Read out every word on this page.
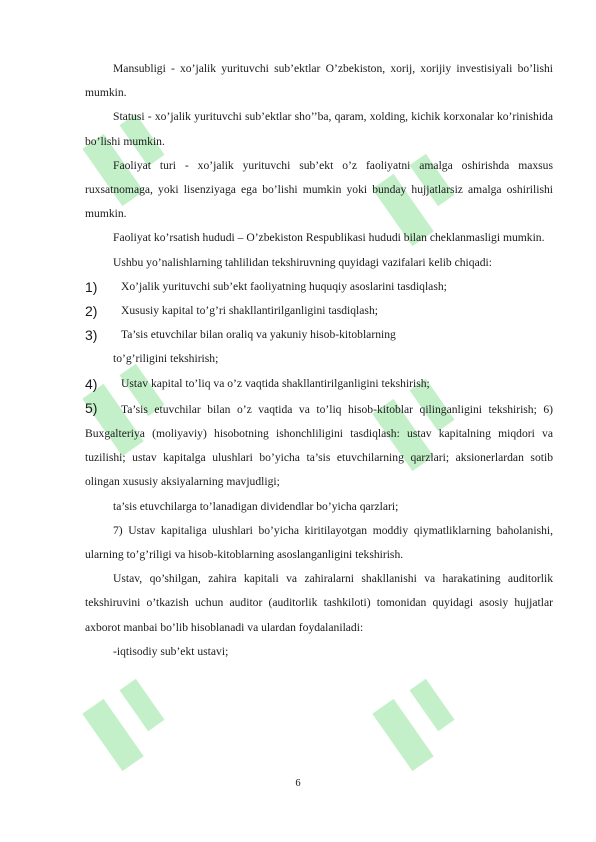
Mansubligi - xo’jalik yurituvchi sub’ektlar O’zbekiston, xorij, xorijiy investisiyali bo’lishi mumkin.

Statusi - xo’jalik yurituvchi sub’ektlar sho’’ba, qaram, xolding, kichik korxonalar ko’rinishida bo’lishi mumkin.

Faoliyat turi - xo’jalik yurituvchi sub’ekt o’z faoliyatni amalga oshirishda maxsus ruxsatnomaga, yoki lisenziyaga ega bo’lishi mumkin yoki bunday hujjatlarsiz amalga oshirilishi mumkin.

Faoliyat ko’rsatish hududi – O’zbekiston Respublikasi hududi bilan cheklanmasligi mumkin.

Ushbu yo’nalishlarning tahlilidan tekshiruvning quyidagi vazifalari kelib chiqadi:

1)	Xo’jalik yurituvchi sub’ekt faoliyatning huquqiy asoslarini tasdiqlash;
2)	Xususiy kapital to’g’ri shakllantirilganligini tasdiqlash;
3)	Ta’sis etuvchilar bilan oraliq va yakuniy hisob-kitoblarning

to’g’riligini tekshirish;

4)	Ustav kapital to’liq va o’z vaqtida shakllantirilganligini tekshirish;

5) Ta’sis etuvchilar bilan o’z vaqtida va to’liq hisob-kitoblar qilinganligini tekshirish; 6) Buxgalteriya (moliyaviy) hisobotning ishonchliligini tasdiqlash: ustav kapitalning miqdori va tuzilishi; ustav kapitalga ulushlari bo’yicha ta’sis etuvchilarning qarzlari; aksionerlardan sotib olingan xususiy aksiyalarning mavjudligi;

ta’sis etuvchilarga to’lanadigan dividendlar bo’yicha qarzlari;

7) Ustav kapitaliga ulushlari bo’yicha kiritilayotgan moddiy qiymatliklarning baholanishi, ularning to’g’riligi va hisob-kitoblarning asoslanganligini tekshirish.

Ustav, qo’shilgan, zahira kapitali va zahiralarni shakllanishi va harakatining auditorlik tekshiruvini o’tkazish uchun auditor (auditorlik tashkiloti) tomonidan quyidagi asosiy hujjatlar axborot manbai bo’lib hisoblanadi va ulardan foydalaniladi:

-iqtisodiy sub’ekt ustavi;

6
